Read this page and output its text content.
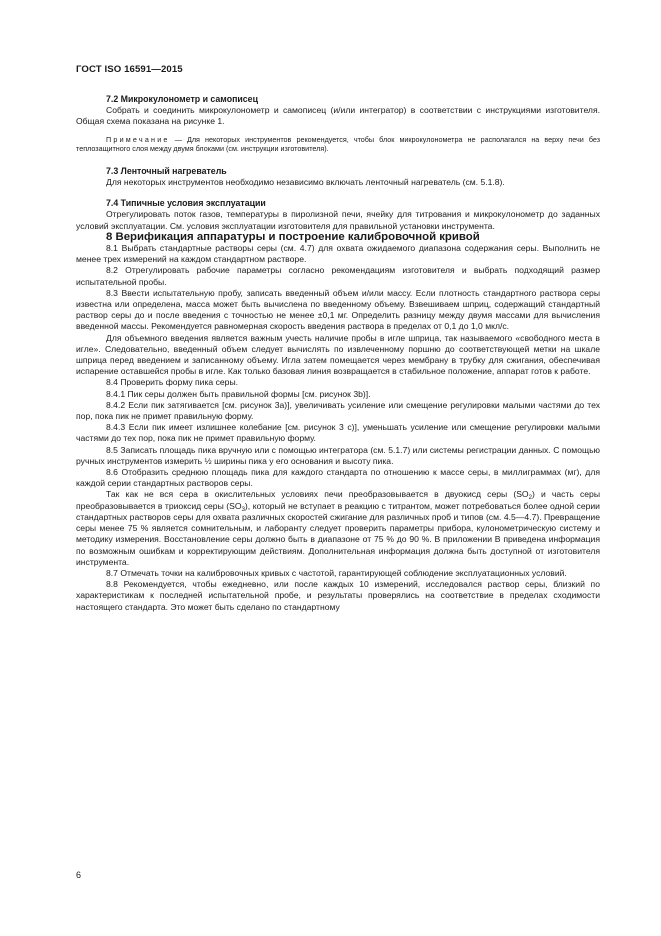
ГОСТ ISO 16591—2015

7.2 Микрокулонометр и самописец

Собрать и соединить микрокулонометр и самописец (и/или интегратор) в соответствии с инструкциями изготовителя. Общая схема показана на рисунке 1.

Примечание — Для некоторых инструментов рекомендуется, чтобы блок микрокулонометра не располагался на верху печи без теплозащитного слоя между двумя блоками (см. инструкции изготовителя).

7.3 Ленточный нагреватель

Для некоторых инструментов необходимо независимо включать ленточный нагреватель (см. 5.1.8).

7.4 Типичные условия эксплуатации

Отрегулировать поток газов, температуры в пиролизной печи, ячейку для титрования и микрокулонометр до заданных условий эксплуатации. См. условия эксплуатации изготовителя для правильной установки инструмента.

8 Верификация аппаратуры и построение калибровочной кривой

8.1 Выбрать стандартные растворы серы (см. 4.7) для охвата ожидаемого диапазона содержания серы. Выполнить не менее трех измерений на каждом стандартном растворе.

8.2 Отрегулировать рабочие параметры согласно рекомендациям изготовителя и выбрать подходящий размер испытательной пробы.

8.3 Ввести испытательную пробу, записать введенный объем и/или массу. Если плотность стандартного раствора серы известна или определена, масса может быть вычислена по введенному объему. Взвешиваем шприц, содержащий стандартный раствор серы до и после введения с точностью не менее ±0,1 мг. Определить разницу между двумя массами для вычисления введенной массы. Рекомендуется равномерная скорость введения раствора в пределах от 0,1 до 1,0 мкл/с.

Для объемного введения является важным учесть наличие пробы в игле шприца, так называемого «свободного места в игле». Следовательно, введенный объем следует вычислять по извлеченному поршню до соответствующей метки на шкале шприца перед введением и записанному объему. Игла затем помещается через мембрану в трубку для сжигания, обеспечивая испарение оставшейся пробы в игле. Как только базовая линия возвращается в стабильное положение, аппарат готов к работе.

8.4 Проверить форму пика серы.

8.4.1 Пик серы должен быть правильной формы [см. рисунок 3b)].

8.4.2 Если пик затягивается [см. рисунок 3a)], увеличивать усиление или смещение регулировки малыми частями до тех пор, пока пик не примет правильную форму.

8.4.3 Если пик имеет излишнее колебание [см. рисунок 3 c)], уменьшать усиление или смещение регулировки малыми частями до тех пор, пока пик не примет правильную форму.

8.5 Записать площадь пика вручную или с помощью интегратора (см. 5.1.7) или системы регистрации данных. С помощью ручных инструментов измерить ½ ширины пика у его основания и высоту пика.

8.6 Отобразить среднюю площадь пика для каждого стандарта по отношению к массе серы, в миллиграммах (мг), для каждой серии стандартных растворов серы.

Так как не вся сера в окислительных условиях печи преобразовывается в двуокисд серы $(SO_2)$ и часть серы преобразовывается в триоксид серы $(SO_3)$, который не вступает в реакцию с титрантом, может потребоваться более одной серии стандартных растворов серы для охвата различных скоростей сжигание для различных проб и типов (см. 4.5—4.7). Превращение серы менее 75 % является сомнительным, и лаборанту следует проверить параметры прибора, кулонометрическую систему и методику измерения. Восстановление серы должно быть в диапазоне от 75 % до 90 %. В приложении В приведена информация по возможным ошибкам и корректирующим действиям. Дополнительная информация должна быть доступной от изготовителя инструмента.

8.7 Отмечать точки на калибровочных кривых с частотой, гарантирующей соблюдение эксплуатационных условий.

8.8 Рекомендуется, чтобы ежедневно, или после каждых 10 измерений, исследовался раствор серы, близкий по характеристикам к последней испытательной пробе, и результаты проверялись на соответствие в пределах сходимости настоящего стандарта. Это может быть сделано по стандартному

6
